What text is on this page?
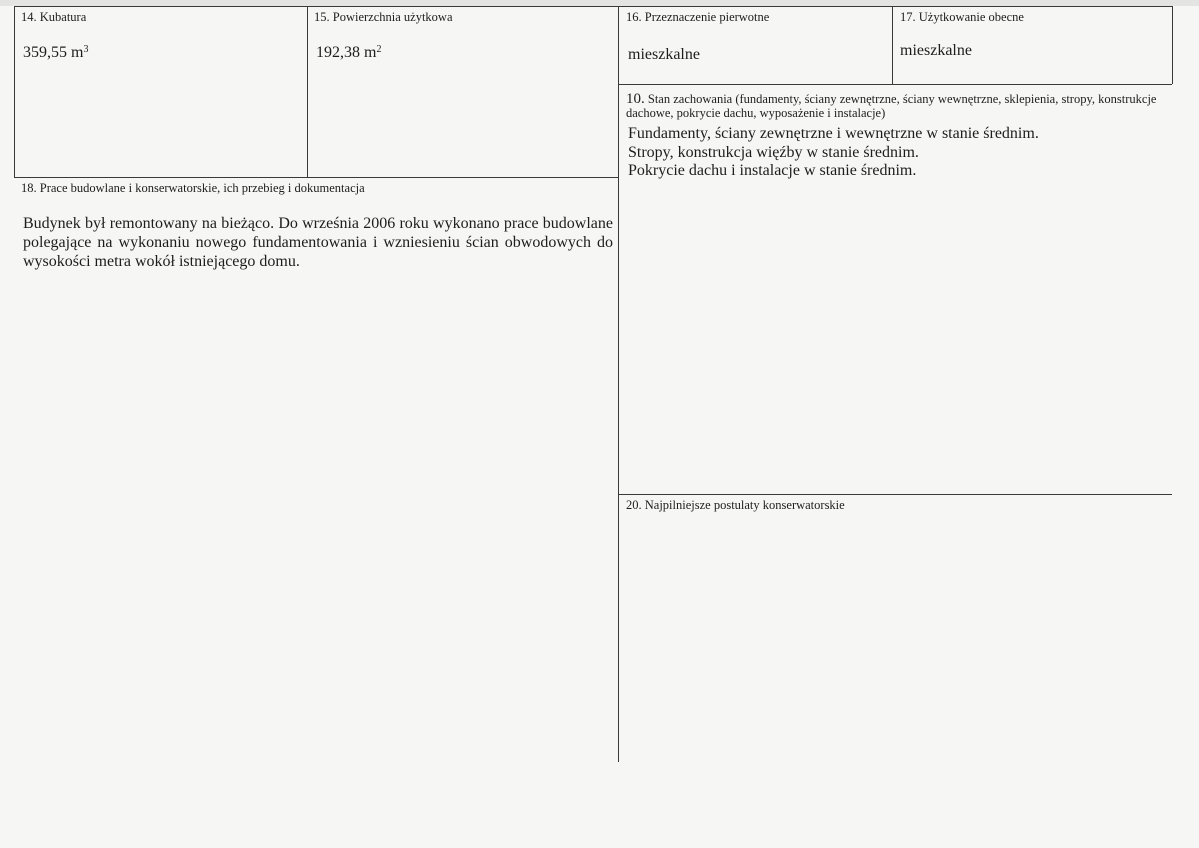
14. Kubatura
359,55 $m^3$
15. Powierzchnia użytkowa
192,38 $m^2$
16. Przeznaczenie pierwotne
mieszkalne
17. Użytkowanie obecne
mieszkalne
10. Stan zachowania (fundamenty, ściany zewnętrzne, ściany wewnętrzne, sklepienia, stropy, konstrukcje dachowe, pokrycie dachu, wyposażenie i instalacje)
Fundamenty, ściany zewnętrzne i wewnętrzne w stanie średnim.
Stropy, konstrukcja więźby w stanie średnim.
Pokrycie dachu i instalacje w stanie średnim.
18. Prace budowlane i konserwatorskie, ich przebieg i dokumentacja
Budynek był remontowany na bieżąco. Do września 2006 roku wykonano prace budowlane polegające na wykonaniu nowego fundamentowania i wzniesieniu ścian obwodowych do wysokości metra wokół istniejącego domu.
20. Najpilniejsze postulaty konserwatorskie
